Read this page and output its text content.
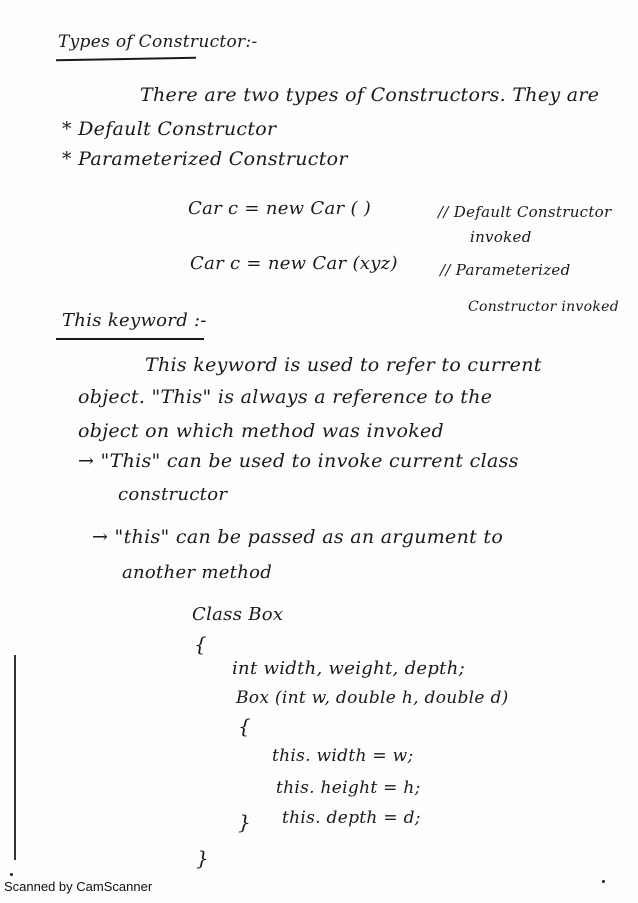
Types of Constructor:-
There are two types of Constructors. They are
* Default Constructor
* Parameterized Constructor
Car c = new Car ( )	// Default Constructor
invoked
Car c = new Car (xyz)	// Parameterized
Constructor invoked
This keyword :-
This keyword is used to refer to current
object. "This" is always a reference to the
object on which method was invoked
→ "This" can be used to invoke current class
constructor
→ "this" can be passed as an argument to
another method
Class Box
{
int width, weight, depth;
Box (int w, double h, double d)
{
this. width = w;
this. height = h;
} this. depth = d;
}
Scanned by CamScanner
